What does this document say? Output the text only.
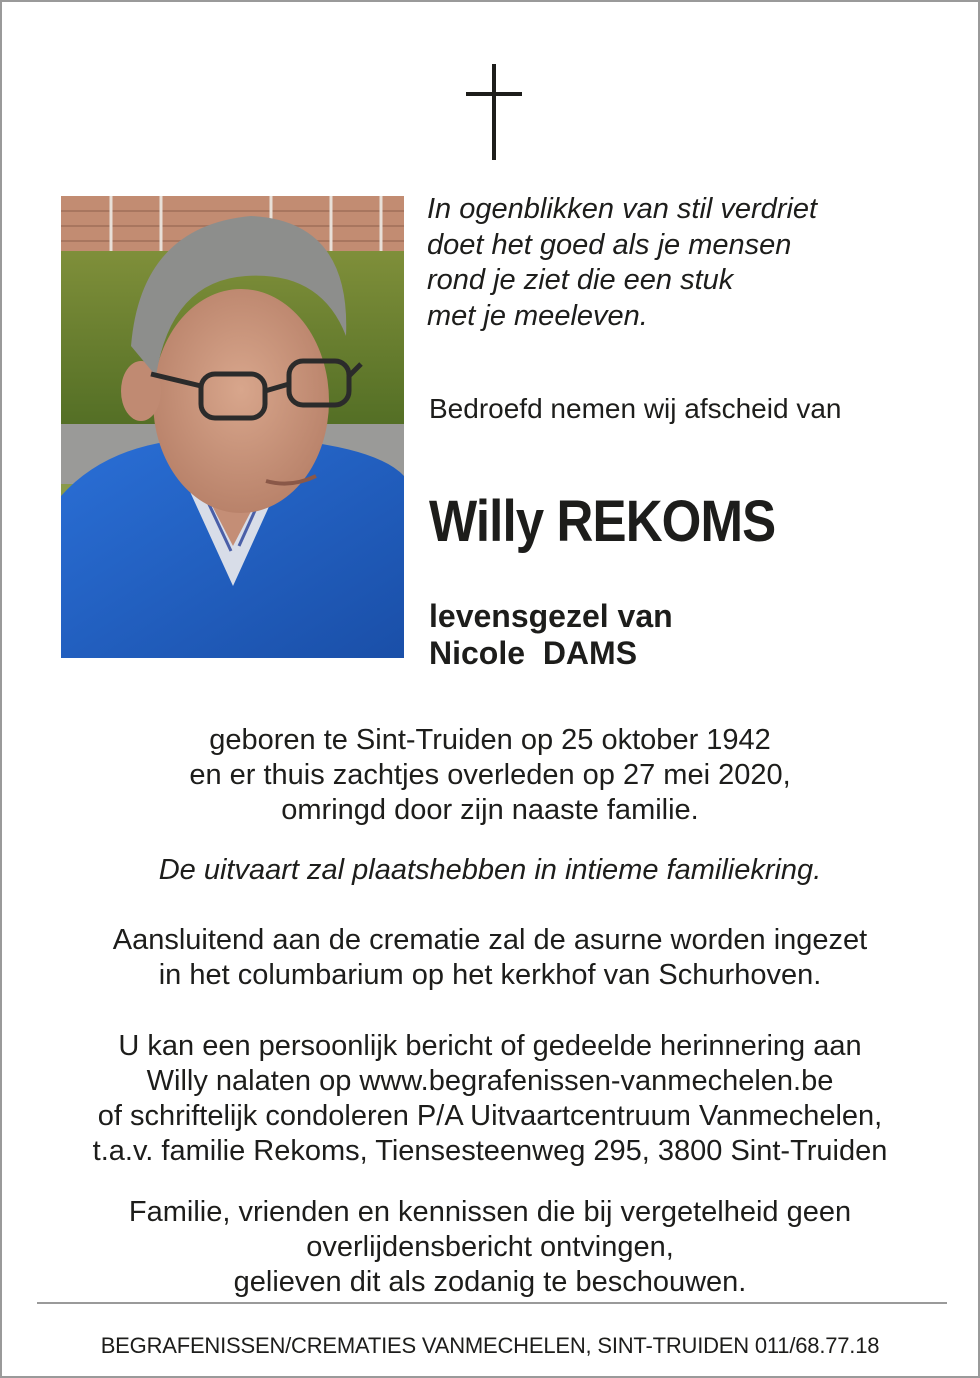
In ogenblikken van stil verdriet
doet het goed als je mensen
rond je ziet die een stuk
met je meeleven.
Bedroefd nemen wij afscheid van
Willy REKOMS
levensgezel van
Nicole  DAMS
geboren te Sint-Truiden op 25 oktober 1942
en er thuis zachtjes overleden op 27 mei 2020,
omringd door zijn naaste familie.
De uitvaart zal plaatshebben in intieme familiekring.
Aansluitend aan de crematie zal de asurne worden ingezet
in het columbarium op het kerkhof van Schurhoven.
U kan een persoonlijk bericht of gedeelde herinnering aan
Willy nalaten op www.begrafenissen-vanmechelen.be
of schriftelijk condoleren P/A Uitvaartcentruum Vanmechelen,
t.a.v. familie Rekoms, Tiensesteenweg 295, 3800 Sint-Truiden
Familie, vrienden en kennissen die bij vergetelheid geen
overlijdensbericht ontvingen,
gelieven dit als zodanig te beschouwen.
BEGRAFENISSEN/CREMATIES VANMECHELEN, SINT-TRUIDEN 011/68.77.18
